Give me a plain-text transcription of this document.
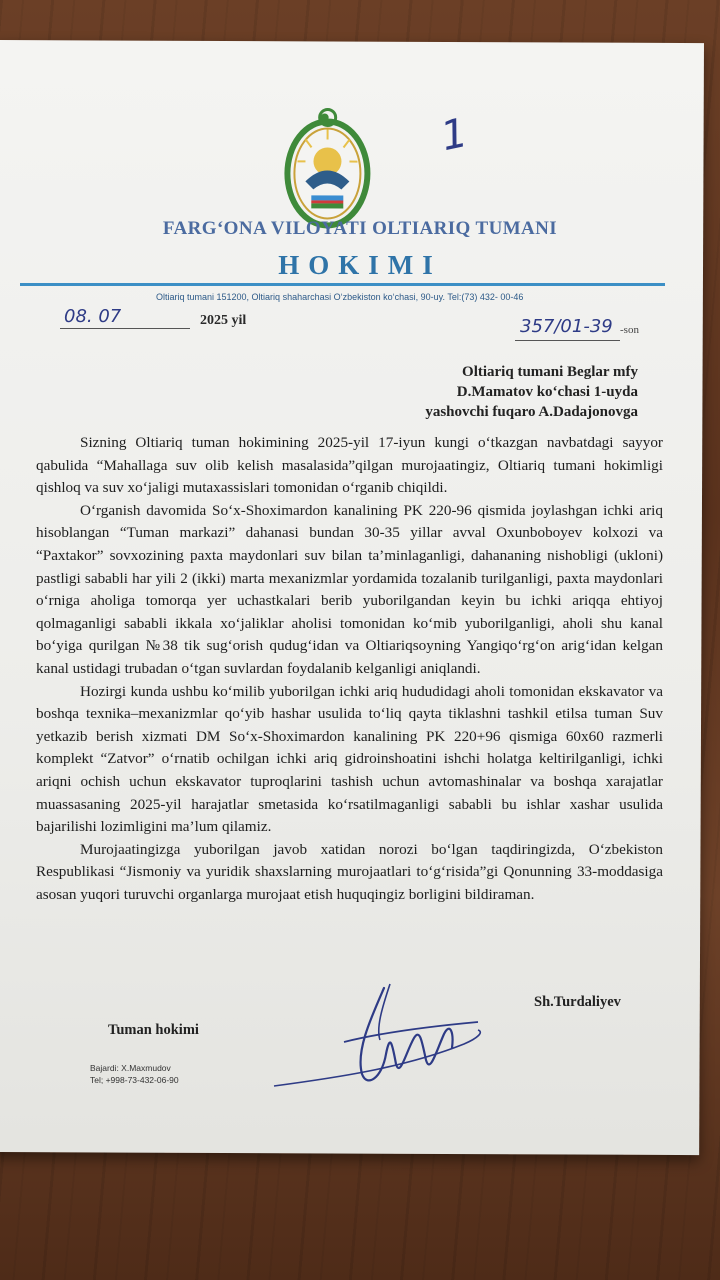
1
FARG‘ONA VILOYATI OLTIARIQ TUMANI
HOKIMI
Oltiariq tumani 151200, Oltiariq shaharchasi O‘zbekiston ko‘chasi, 90-uy. Tel:(73) 432- 00-46
08. 07	2025 yil	357/01-39 -son
Oltiariq tumani Beglar mfy
D.Mamatov ko‘chasi 1-uyda
yashovchi fuqaro A.Dadajonovga

Sizning Oltiariq tuman hokimining 2025-yil 17-iyun kungi o‘tkazgan navbatdagi sayyor qabulida “Mahallaga suv olib kelish masalasida”qilgan murojaatingiz, Oltiariq tumani hokimligi qishloq va suv xo‘jaligi mutaxassislari tomonidan o‘rganib chiqildi.

O‘rganish davomida So‘x-Shoximardon kanalining PK 220-96 qismida joylashgan ichki ariq hisoblangan “Tuman markazi” dahanasi bundan 30-35 yillar avval Oxunboboyev kolxozi va “Paxtakor” sovxozining paxta maydonlari suv bilan ta’minlaganligi, dahananing nishobligi (ukloni) pastligi sababli har yili 2 (ikki) marta mexanizmlar yordamida tozalanib turilganligi, paxta maydonlari o‘rniga aholiga tomorqa yer uchastkalari berib yuborilgandan keyin bu ichki ariqqa ehtiyoj qolmaganligi sababli ikkala xo‘jaliklar aholisi tomonidan ko‘mib yuborilganligi, aholi shu kanal bo‘yiga qurilgan №38 tik sug‘orish qudug‘idan va Oltiariqsoyning Yangiqo‘rg‘on arig‘idan kelgan kanal ustidagi trubadan o‘tgan suvlardan foydalanib kelganligi aniqlandi.

Hozirgi kunda ushbu ko‘milib yuborilgan ichki ariq hududidagi aholi tomonidan ekskavator va boshqa texnika–mexanizmlar qo‘yib hashar usulida to‘liq qayta tiklashni tashkil etilsa tuman Suv yetkazib berish xizmati DM So‘x-Shoximardon kanalining PK 220+96 qismiga 60x60 razmerli komplekt “Zatvor” o‘rnatib ochilgan ichki ariq gidroinshoatini ishchi holatga keltirilganligi, ichki ariqni ochish uchun ekskavator tuproqlarini tashish uchun avtomashinalar va boshqa xarajatlar muassasaning 2025-yil harajatlar smetasida ko‘rsatilmaganligi sababli bu ishlar xashar usulida bajarilishi lozimligini ma’lum qilamiz.

Murojaatingizga yuborilgan javob xatidan norozi bo‘lgan taqdiringizda, O‘zbekiston Respublikasi “Jismoniy va yuridik shaxslarning murojaatlari to‘g‘risida”gi Qonunning 33-moddasiga asosan yuqori turuvchi organlarga murojaat etish huquqingiz borligini bildiraman.

Sh.Turdaliyev
Tuman hokimi
Bajardi: X.Maxmudov
Tel; +998-73-432-06-90
